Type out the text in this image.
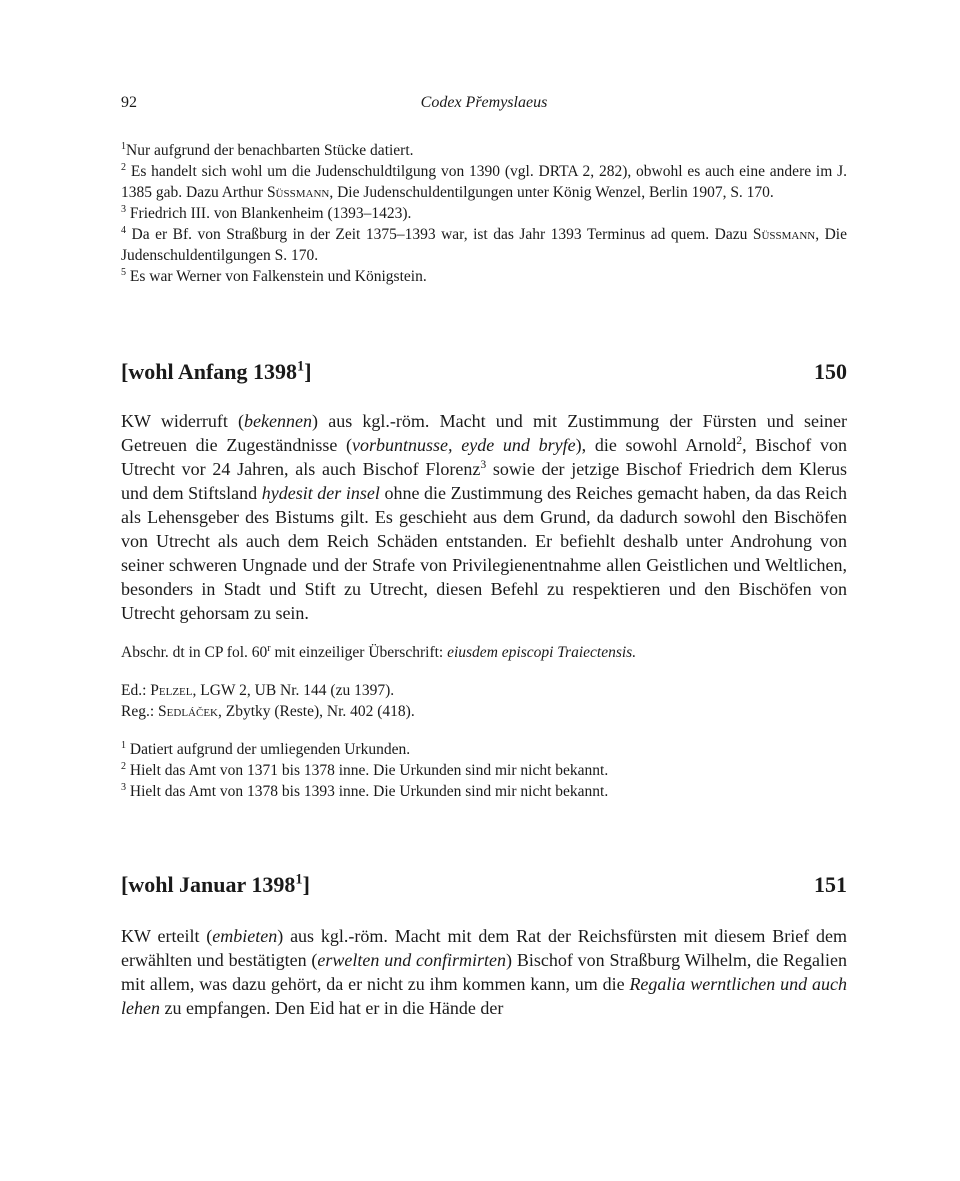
92	Codex Přemyslaeus

$^1$Nur aufgrund der benachbarten Stücke datiert.

$^2$ Es handelt sich wohl um die Judenschuldtilgung von 1390 (vgl. DRTA 2, 282), obwohl es auch eine andere im J. 1385 gab. Dazu Arthur Süssmann, Die Judenschuldentilgungen unter König Wenzel, Berlin 1907, S. 170.

$^3$ Friedrich III. von Blankenheim (1393–1423).

$^4$ Da er Bf. von Straßburg in der Zeit 1375–1393 war, ist das Jahr 1393 Terminus ad quem. Dazu Süssmann, Die Judenschuldentilgungen S. 170.

$^5$ Es war Werner von Falkenstein und Königstein.

[wohl Anfang 1398$^1$]	150

KW widerruft (bekennen) aus kgl.-röm. Macht und mit Zustimmung der Fürsten und seiner Getreuen die Zugeständnisse (vorbuntnusse, eyde und bryfe), die sowohl Arnold$^2$, Bischof von Utrecht vor 24 Jahren, als auch Bischof Florenz$^3$ sowie der jetzige Bischof Friedrich dem Klerus und dem Stiftsland hydesit der insel ohne die Zustimmung des Reiches gemacht haben, da das Reich als Lehensgeber des Bistums gilt. Es geschieht aus dem Grund, da dadurch sowohl den Bischöfen von Utrecht als auch dem Reich Schäden entstanden. Er befiehlt deshalb unter Androhung von seiner schweren Ungnade und der Strafe von Privilegienentnahme allen Geistlichen und Weltlichen, besonders in Stadt und Stift zu Utrecht, diesen Befehl zu respektieren und den Bischöfen von Utrecht gehorsam zu sein.

Abschr. dt in CP fol. 60$^r$ mit einzeiliger Überschrift: eiusdem episcopi Traiectensis.

Ed.: Pelzel, LGW 2, UB Nr. 144 (zu 1397).

Reg.: Sedláček, Zbytky (Reste), Nr. 402 (418).

$^1$ Datiert aufgrund der umliegenden Urkunden.

$^2$ Hielt das Amt von 1371 bis 1378 inne. Die Urkunden sind mir nicht bekannt.

$^3$ Hielt das Amt von 1378 bis 1393 inne. Die Urkunden sind mir nicht bekannt.

[wohl Januar 1398$^1$]	151

KW erteilt (embieten) aus kgl.-röm. Macht mit dem Rat der Reichsfürsten mit diesem Brief dem erwählten und bestätigten (erwelten und confirmirten) Bischof von Straßburg Wilhelm, die Regalien mit allem, was dazu gehört, da er nicht zu ihm kommen kann, um die Regalia werntlichen und auch lehen zu empfangen. Den Eid hat er in die Hände der
